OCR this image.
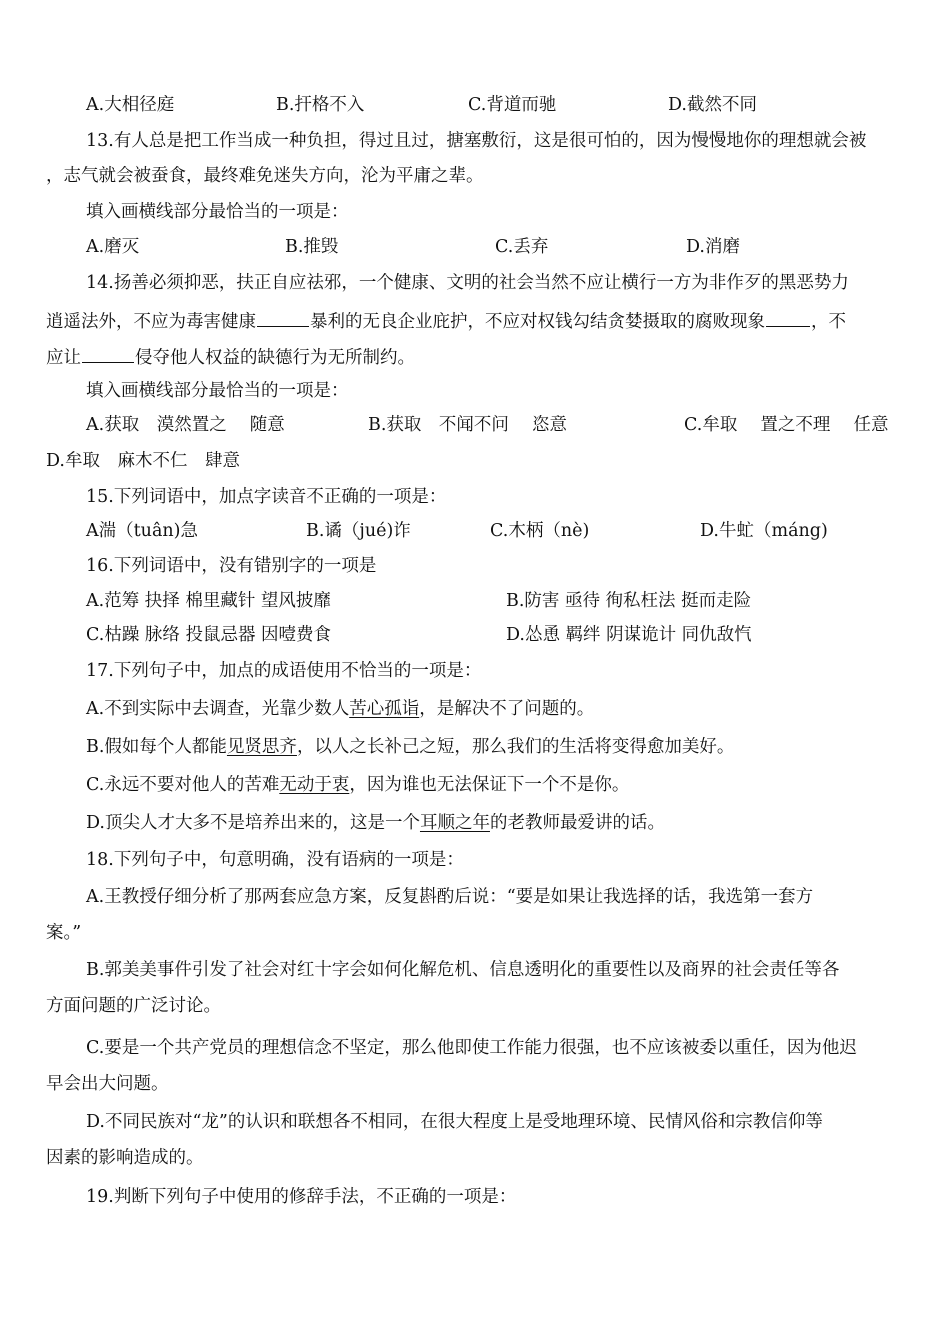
A.大相径庭	B.扞格不入	C.背道而驰	D.截然不同
13.有人总是把工作当成一种负担，得过且过，搪塞敷衍，这是很可怕的，因为慢慢地你的理想就会被
，志气就会被蚕食，最终难免迷失方向，沦为平庸之辈。
填入画横线部分最恰当的一项是：
A.磨灭	B.推毁	C.丢弃	D.消磨
14.扬善必须抑恶，扶正自应祛邪，一个健康、文明的社会当然不应让横行一方为非作歹的黑恶势力
逍遥法外，不应为毒害健康	暴利的无良企业庇护，不应对权钱勾结贪婪摄取的腐败现象	，不
应让	侵夺他人权益的缺德行为无所制约。
填入画横线部分最恰当的一项是：
A.获取　漠然置之　 随意	B.获取　不闻不问　 恣意	C.牟取　 置之不理　 任意
D.牟取　麻木不仁　肆意
15.下列词语中，加点字读音不正确的一项是：
A湍（tuân)急	B.谲（jué)诈	C.木柄（nè)	D.牛虻（máng)
16.下列词语中，没有错别字的一项是
A.范筹 抉择 棉里藏针 望风披靡	B.防害 亟待 徇私枉法 挺而走险
C.枯躁 脉络 投鼠忌器 因噎费食	D.怂恿 羁绊 阴谋诡计 同仇敌忾
17.下列句子中，加点的成语使用不恰当的一项是：
A.不到实际中去调查，光靠少数人苦心孤诣，是解决不了问题的。
B.假如每个人都能见贤思齐，以人之长补己之短，那么我们的生活将变得愈加美好。
C.永远不要对他人的苦难无动于衷，因为谁也无法保证下一个不是你。
D.顶尖人才大多不是培养出来的，这是一个耳顺之年的老教师最爱讲的话。
18.下列句子中，句意明确，没有语病的一项是：
A.王教授仔细分析了那两套应急方案，反复斟酌后说：“要是如果让我选择的话，我选第一套方
案。”
B.郭美美事件引发了社会对红十字会如何化解危机、信息透明化的重要性以及商界的社会责任等各
方面问题的广泛讨论。
C.要是一个共产党员的理想信念不坚定，那么他即使工作能力很强，也不应该被委以重任，因为他迟
早会出大问题。
D.不同民族对“龙”的认识和联想各不相同，在很大程度上是受地理环境、民情风俗和宗教信仰等
因素的影响造成的。
19.判断下列句子中使用的修辞手法，不正确的一项是：
